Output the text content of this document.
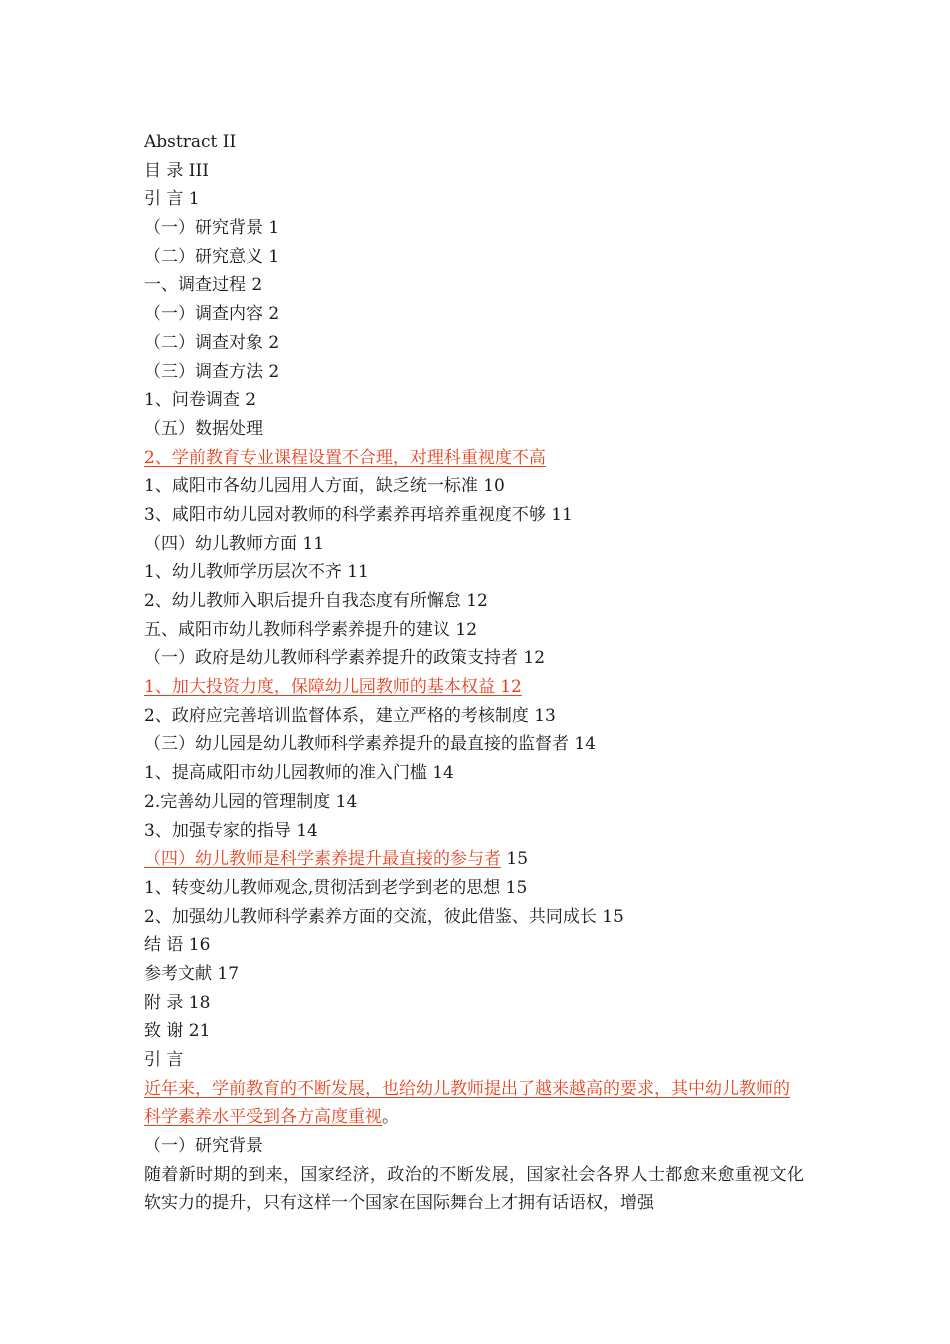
Abstract II
目 录 III
引 言 1
（一）研究背景 1
（二）研究意义 1
一、调查过程 2
（一）调查内容 2
（二）调查对象 2
（三）调查方法 2
1、问卷调查 2
（五）数据处理
2、学前教育专业课程设置不合理，对理科重视度不高
1、咸阳市各幼儿园用人方面，缺乏统一标准 10
3、咸阳市幼儿园对教师的科学素养再培养重视度不够 11
（四）幼儿教师方面 11
1、幼儿教师学历层次不齐 11
2、幼儿教师入职后提升自我态度有所懈怠 12
五、咸阳市幼儿教师科学素养提升的建议 12
（一）政府是幼儿教师科学素养提升的政策支持者 12
1、加大投资力度，保障幼儿园教师的基本权益 12
2、政府应完善培训监督体系，建立严格的考核制度 13
（三）幼儿园是幼儿教师科学素养提升的最直接的监督者 14
1、提高咸阳市幼儿园教师的准入门槛 14
2.完善幼儿园的管理制度 14
3、加强专家的指导 14
（四）幼儿教师是科学素养提升最直接的参与者 15
1、转变幼儿教师观念,贯彻活到老学到老的思想 15
2、加强幼儿教师科学素养方面的交流，彼此借鉴、共同成长 15
结 语 16
参考文献 17
附 录 18
致 谢 21
引 言
近年来，学前教育的不断发展，也给幼儿教师提出了越来越高的要求，其中幼儿教师的科学素养水平受到各方高度重视。
（一）研究背景
随着新时期的到来，国家经济，政治的不断发展，国家社会各界人士都愈来愈重视文化软实力的提升，只有这样一个国家在国际舞台上才拥有话语权，增强
